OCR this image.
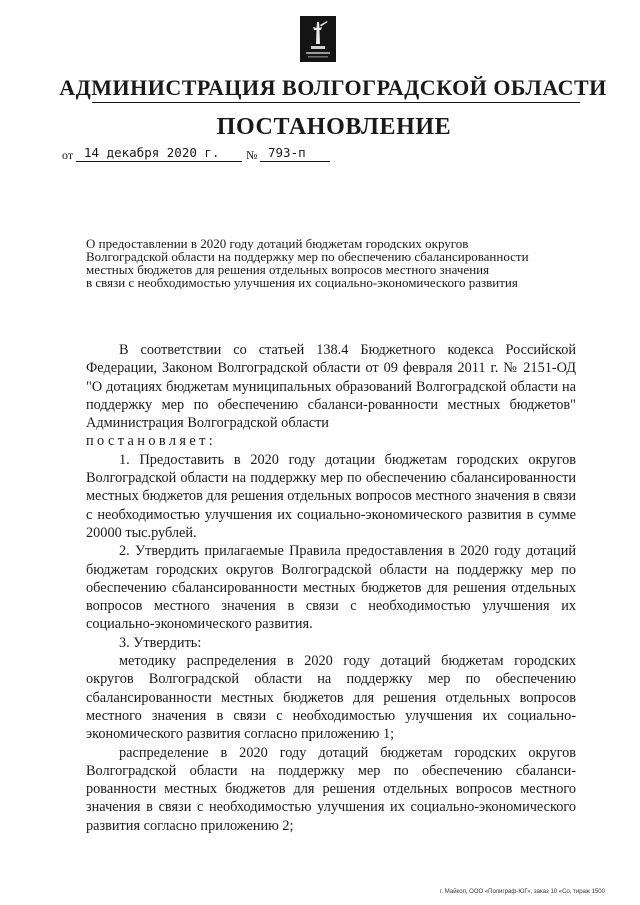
АДМИНИСТРАЦИЯ ВОЛГОГРАДСКОЙ ОБЛАСТИ
ПОСТАНОВЛЕНИЕ
от 14 декабря 2020 г.	№ 793-п
О предоставлении в 2020 году дотаций бюджетам городских округов
Волгоградской области на поддержку мер по обеспечению сбалансированности
местных бюджетов для решения отдельных вопросов местного значения
в связи с необходимостью улучшения их социально-экономического развития

В соответствии со статьей 138.4 Бюджетного кодекса Российской Федерации, Законом Волгоградской области от 09 февраля 2011 г. № 2151-ОД "О дотациях бюджетам муниципальных образований Волгоградской области на поддержку мер по обеспечению сбаланси-рованности местных бюджетов" Администрация Волгоградской области

постановляет:

1. Предоставить в 2020 году дотации бюджетам городских округов Волгоградской области на поддержку мер по обеспечению сбалансированности местных бюджетов для решения отдельных вопросов местного значения в связи с необходимостью улучшения их социально-экономического развития в сумме 20000 тыс.рублей.

2. Утвердить прилагаемые Правила предоставления в 2020 году дотаций бюджетам городских округов Волгоградской области на поддержку мер по обеспечению сбалансированности местных бюджетов для решения отдельных вопросов местного значения в связи с необходимостью улучшения их социально-экономического развития.

3. Утвердить:

методику распределения в 2020 году дотаций бюджетам городских округов Волгоградской области на поддержку мер по обеспечению сбалансированности местных бюджетов для решения отдельных вопросов местного значения в связи с необходимостью улучшения их социально-экономического развития согласно приложению 1;

распределение в 2020 году дотаций бюджетам городских округов Волгоградской области на поддержку мер по обеспечению сбаланси-рованности местных бюджетов для решения отдельных вопросов местного значения в связи с необходимостью улучшения их социально-экономического развития согласно приложению 2;

г. Майкоп, ООО «Полиграф-ЮГ», заказ 10 «Со, тираж 1500
